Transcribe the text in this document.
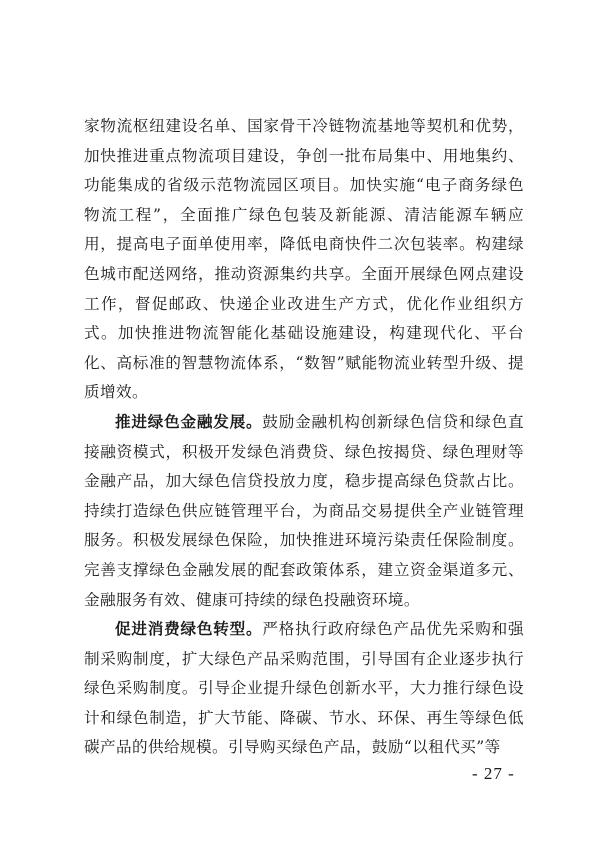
家物流枢纽建设名单、国家骨干冷链物流基地等契机和优势，加快推进重点物流项目建设，争创一批布局集中、用地集约、功能集成的省级示范物流园区项目。加快实施“电子商务绿色物流工程”，全面推广绿色包装及新能源、清洁能源车辆应用，提高电子面单使用率，降低电商快件二次包装率。构建绿色城市配送网络，推动资源集约共享。全面开展绿色网点建设工作，督促邮政、快递企业改进生产方式，优化作业组织方式。加快推进物流智能化基础设施建设，构建现代化、平台化、高标准的智慧物流体系，“数智”赋能物流业转型升级、提质增效。

推进绿色金融发展。鼓励金融机构创新绿色信贷和绿色直接融资模式，积极开发绿色消费贷、绿色按揭贷、绿色理财等金融产品，加大绿色信贷投放力度，稳步提高绿色贷款占比。持续打造绿色供应链管理平台，为商品交易提供全产业链管理服务。积极发展绿色保险，加快推进环境污染责任保险制度。完善支撑绿色金融发展的配套政策体系，建立资金渠道多元、金融服务有效、健康可持续的绿色投融资环境。

促进消费绿色转型。严格执行政府绿色产品优先采购和强制采购制度，扩大绿色产品采购范围，引导国有企业逐步执行绿色采购制度。引导企业提升绿色创新水平，大力推行绿色设计和绿色制造，扩大节能、降碳、节水、环保、再生等绿色低碳产品的供给规模。引导购买绿色产品，鼓励“以租代买”等

- 27 -
